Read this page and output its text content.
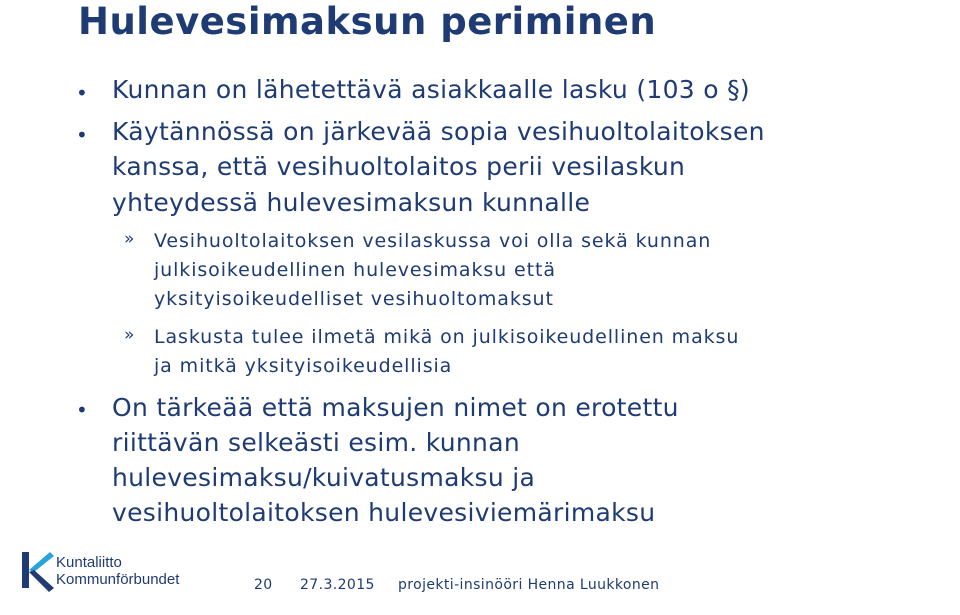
Hulevesimaksun periminen
• Kunnan on lähetettävä asiakkaalle lasku (103 o §)

• Käytännössä on järkevää sopia vesihuoltolaitoksen

kanssa, että vesihuoltolaitos perii vesilaskun

yhteydessä hulevesimaksun kunnalle

» Vesihuoltolaitoksen vesilaskussa voi olla sekä kunnan

julkisoikeudellinen hulevesimaksu että

yksityisoikeudelliset vesihuoltomaksut

» Laskusta tulee ilmetä mikä on julkisoikeudellinen maksu

ja mitkä yksityisoikeudellisia

• On tärkeää että maksujen nimet on erotettu

riittävän selkeästi esim. kunnan

hulevesimaksu/kuivatusmaksu ja

vesihuoltolaitoksen hulevesiviemärimaksu

Kuntaliitto
Kommunförbundet	20 27.3.2015 projekti-insinööri Henna Luukkonen
